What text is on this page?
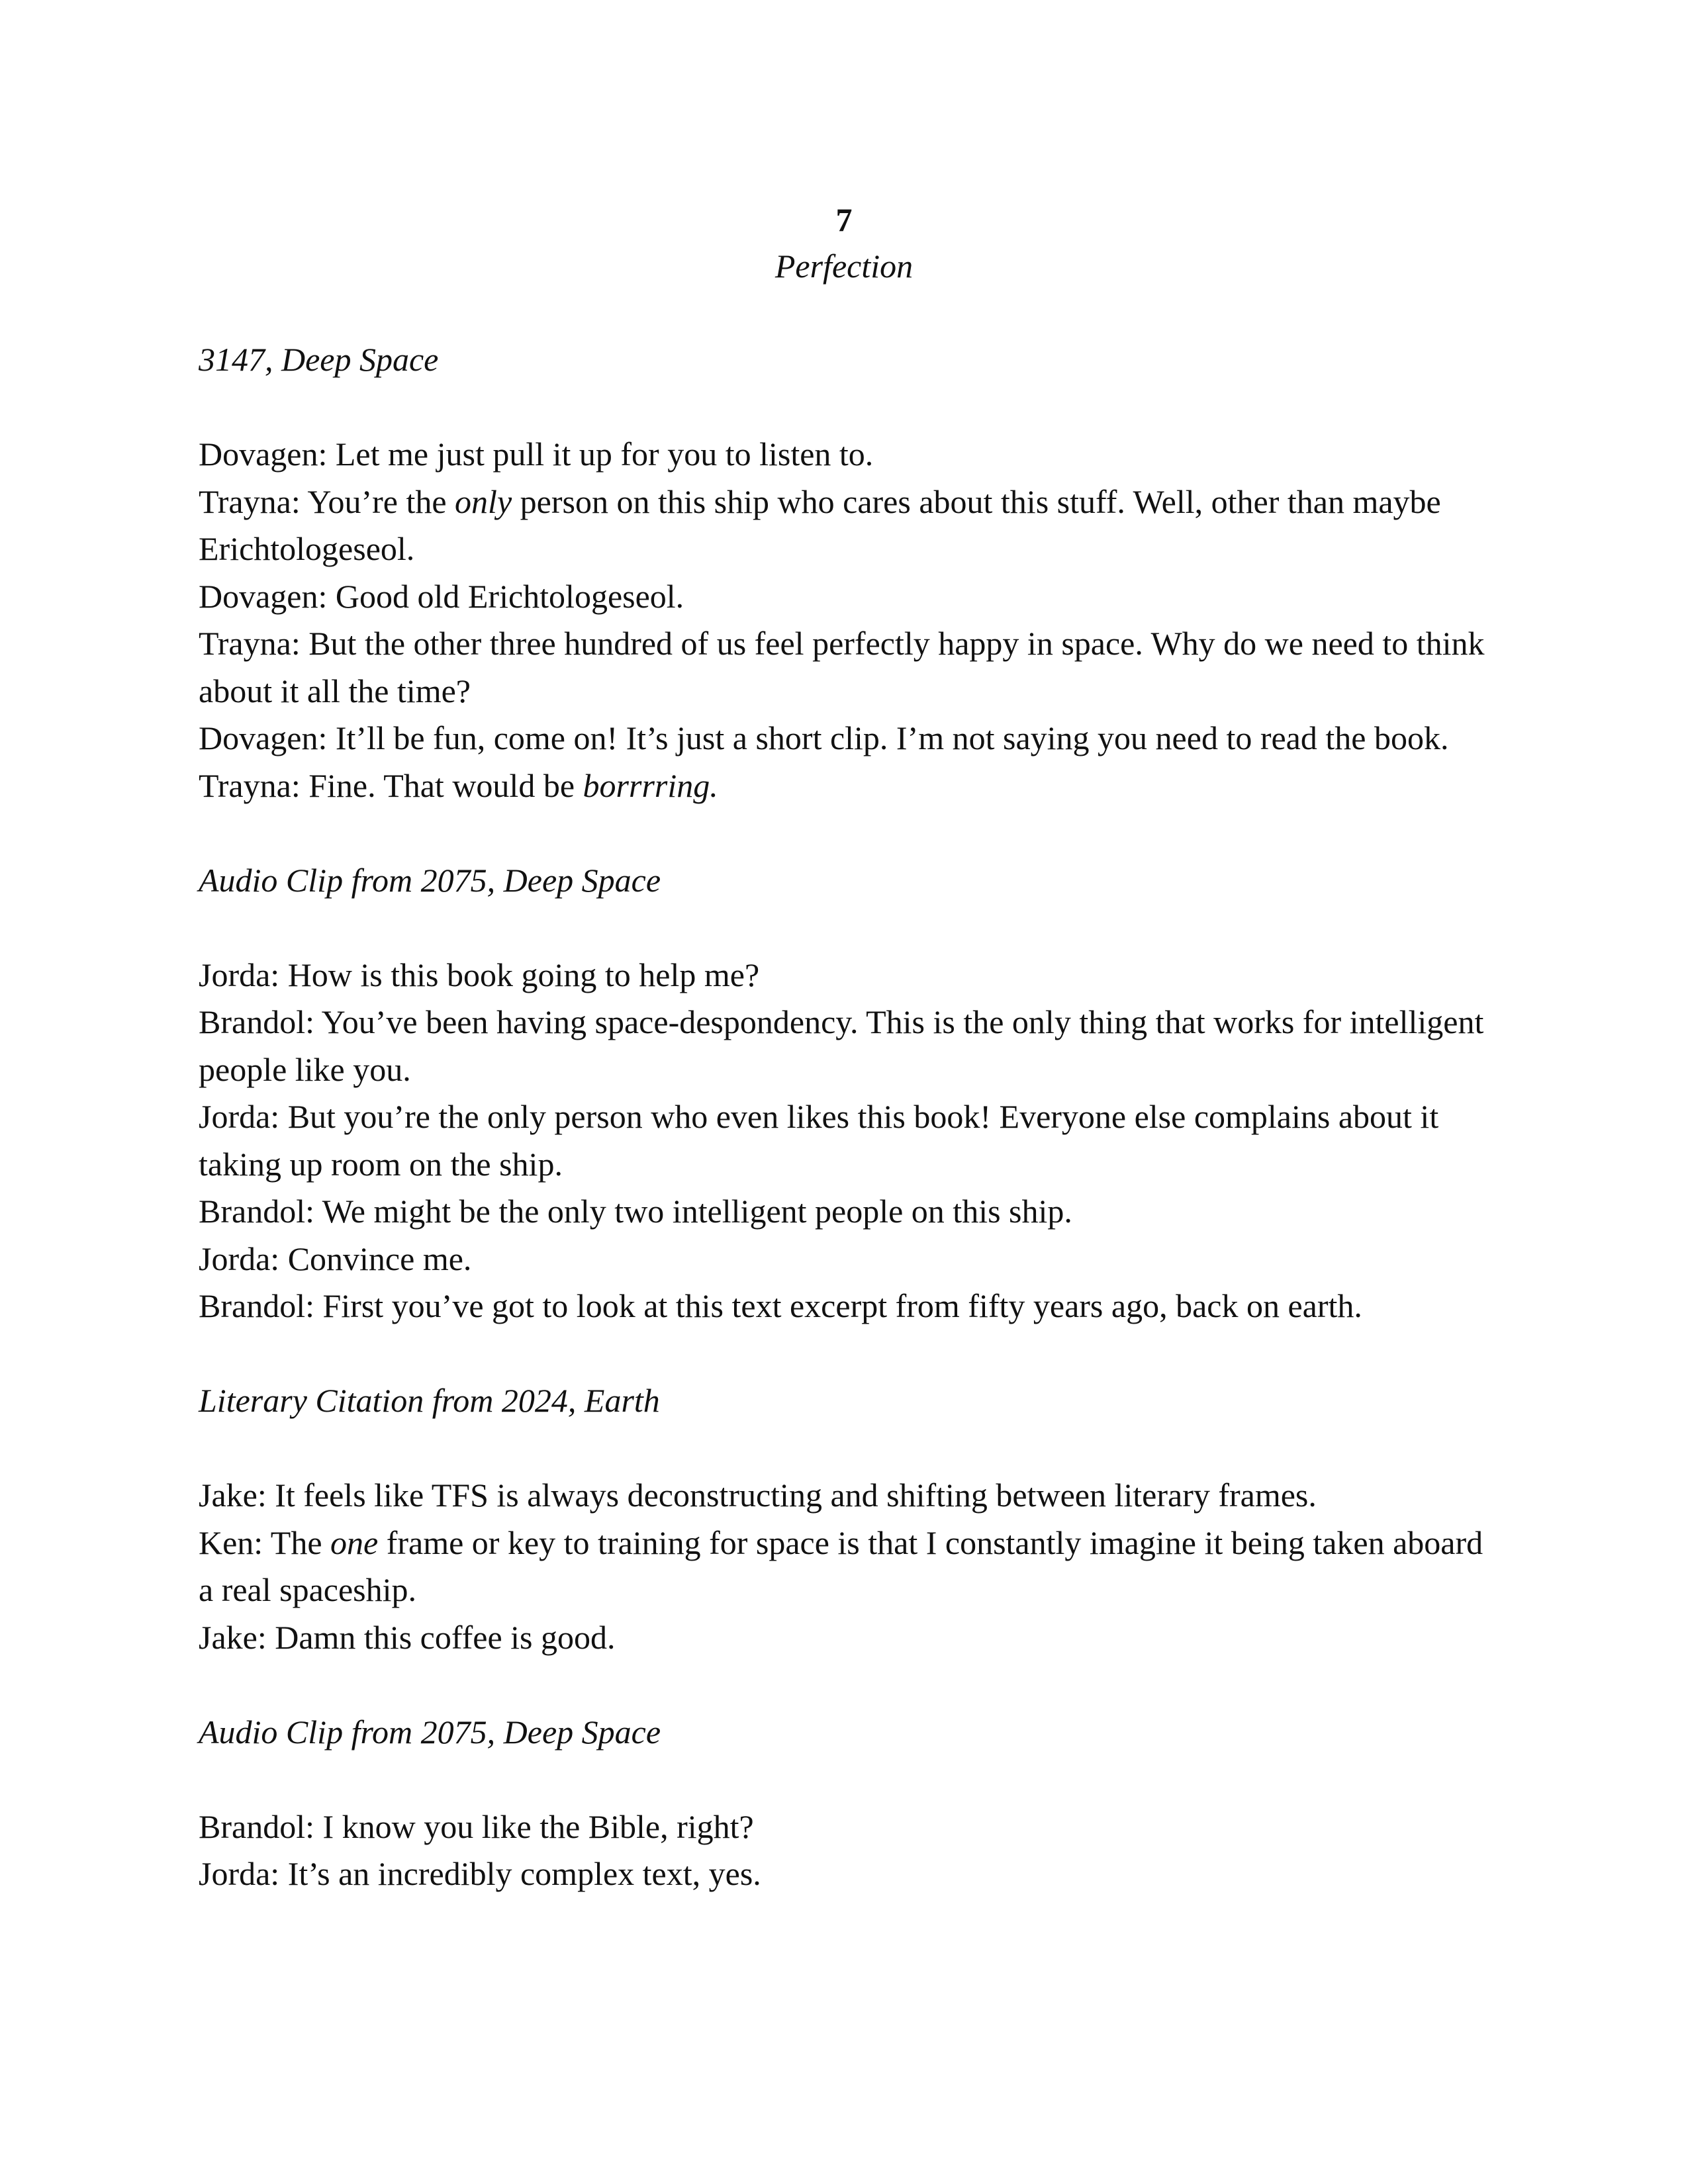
7
Perfection

3147, Deep Space

Dovagen: Let me just pull it up for you to listen to.

Trayna: You’re the only person on this ship who cares about this stuff. Well, other than maybe Erichtologeseol.

Dovagen: Good old Erichtologeseol.

Trayna: But the other three hundred of us feel perfectly happy in space. Why do we need to think about it all the time?

Dovagen: It’ll be fun, come on! It’s just a short clip. I’m not saying you need to read the book.

Trayna: Fine. That would be borrrring.

Audio Clip from 2075, Deep Space

Jorda: How is this book going to help me?

Brandol: You’ve been having space-despondency. This is the only thing that works for intelligent people like you.

Jorda: But you’re the only person who even likes this book! Everyone else complains about it taking up room on the ship.

Brandol: We might be the only two intelligent people on this ship.

Jorda: Convince me.

Brandol: First you’ve got to look at this text excerpt from fifty years ago, back on earth.

Literary Citation from 2024, Earth

Jake: It feels like TFS is always deconstructing and shifting between literary frames.

Ken: The one frame or key to training for space is that I constantly imagine it being taken aboard a real spaceship.

Jake: Damn this coffee is good.

Audio Clip from 2075, Deep Space

Brandol: I know you like the Bible, right?

Jorda: It’s an incredibly complex text, yes.
